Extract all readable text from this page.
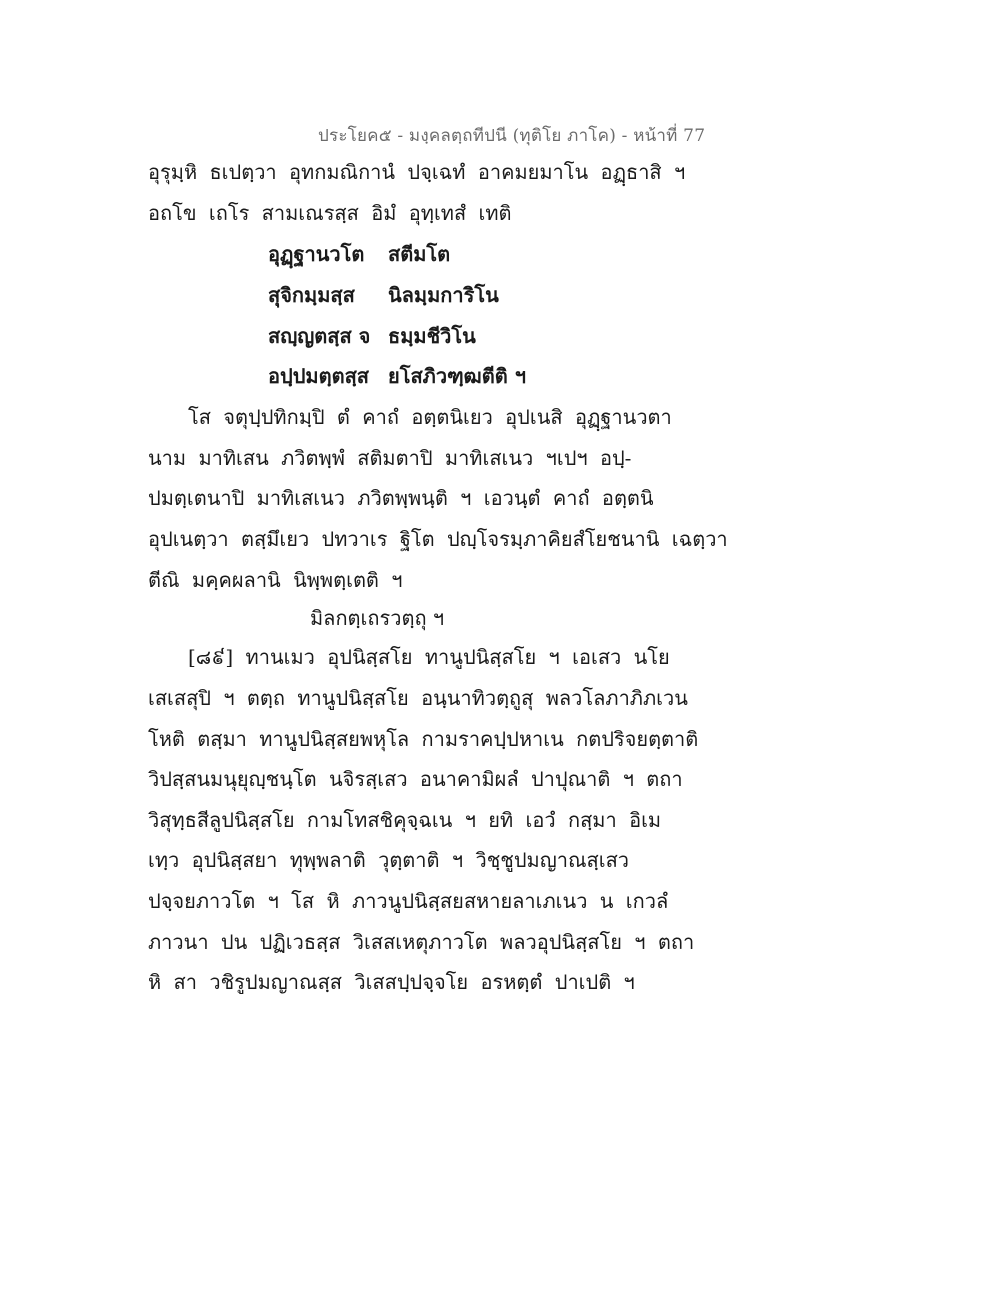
ประโยค๕ - มงฺคลตฺถทีปนี (ทุติโย ภาโค) - หน้าที่ 77
อุรุมฺหิ ธเปตฺวา อุทกมณิกานํ ปจฺเฉทํ อาคมยมาโน อฏฺธาสิ ฯ
อถโข เถโร สามเณรสฺส อิมํ อุทฺเทสํ เทติ
อุฏฺฐานวโต สตีมโต
สุจิกมฺมสฺส นิลมฺมการิโน
สญฺญตสฺส จ ธมฺมชีวิโน
อปฺปมตฺตสฺส ยโสภิวฑฺฒตีติ ฯ
โส จตุปฺปทิกมฺปิ ตํ คาถํ อตฺตนิเยว อุปเนสิ อุฏฺฐานวตา
นาม มาทิเสน ภวิตพฺพํ สติมตาปิ มาทิเสเนว ฯเปฯ อปฺ-
ปมตฺเตนาปิ มาทิเสเนว ภวิตพฺพนฺติ ฯ เอวนฺตํ คาถํ อตฺตนิ
อุปเนตฺวา ตสฺมึเยว ปทวาเร ฐิโต ปญฺโจรมฺภาคิยสํโยชนานิ เฉตฺวา
ตีณิ มคฺคผลานิ นิพฺพตฺเตติ ฯ
มิลกตฺเถรวตฺถุ ฯ
[๘៩] ทานเมว อุปนิสฺสโย ทานูปนิสฺสโย ฯ เอเสว นโย
เสเสสุปิ ฯ ตตฺถ ทานูปนิสฺสโย อนฺนาทิวตฺถูสุ พลวโลภาภิภเวน
โหติ ตสฺมา ทานูปนิสฺสยพหุโล กามราคปฺปหาเน กตปริจยตฺตาติ
วิปสฺสนมนุยุญฺชนฺโต นจิรสฺเสว อนาคามิผลํ ปาปุณาติ ฯ ตถา
วิสุทฺธสีลูปนิสฺสโย กามโทสชิคุจฺฉเน ฯ ยทิ เอวํ กสฺมา อิเม
เทฺว อุปนิสฺสยา ทุพฺพลาติ วุตฺตาติ ฯ วิชฺชูปมญาณสฺเสว
ปจฺจยภาวโต ฯ โส หิ ภาวนูปนิสฺสยสหายลาเภเนว น เกวลํ
ภาวนา ปน ปฏิเวธสฺส วิเสสเหตุภาวโต พลวอุปนิสฺสโย ฯ ตถา
หิ สา วชิรูปมญาณสฺส วิเสสปฺปจฺจโย อรหตฺตํ ปาเปติ ฯ
